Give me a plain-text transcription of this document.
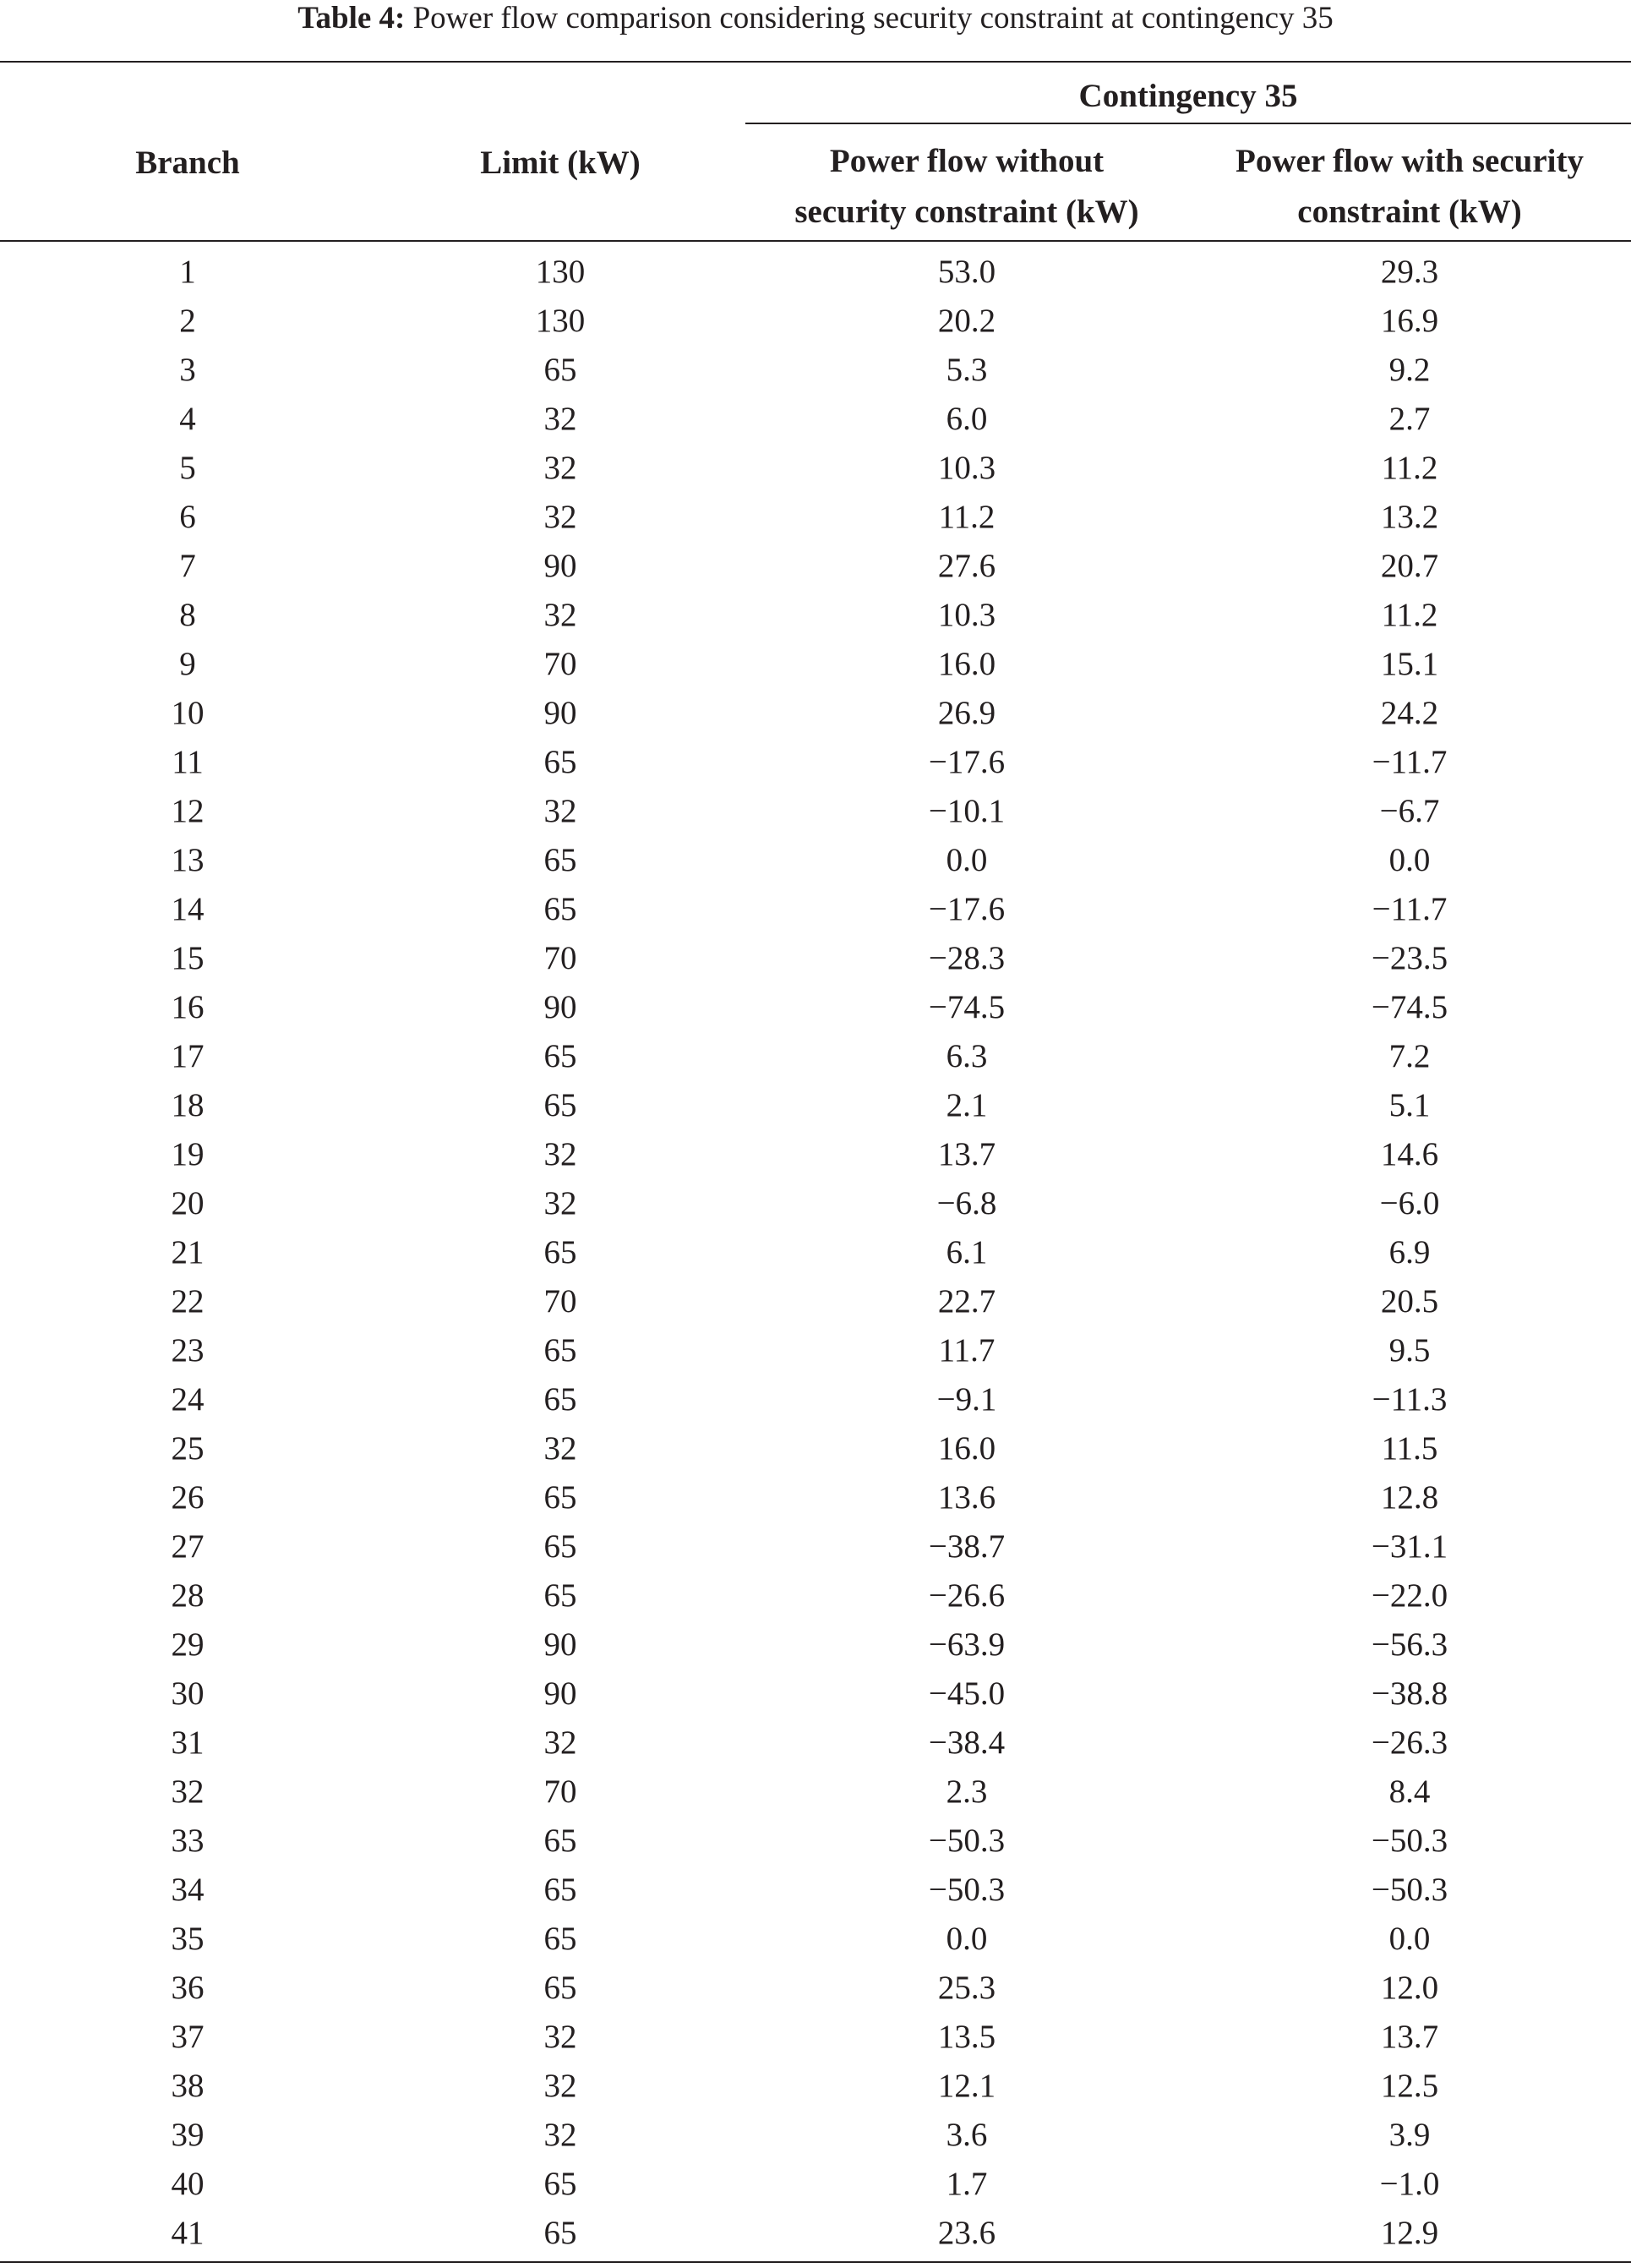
Table 4: Power flow comparison considering security constraint at contingency 35
Contingency 35
Branch	Limit (kW)	Power flow without
security constraint (kW)
Power flow with security
constraint (kW)
1	130	53.0	29.3
2	130	20.2	16.9
3	65	5.3	9.2
4	32	6.0	2.7
5	32	10.3	11.2
6	32	11.2	13.2
7	90	27.6	20.7
8	32	10.3	11.2
9	70	16.0	15.1
10	90	26.9	24.2
11	65	−17.6	−11.7
12	32	−10.1	−6.7
13	65	0.0	0.0
14	65	−17.6	−11.7
15	70	−28.3	−23.5
16	90	−74.5	−74.5
17	65	6.3	7.2
18	65	2.1	5.1
19	32	13.7	14.6
20	32	−6.8	−6.0
21	65	6.1	6.9
22	70	22.7	20.5
23	65	11.7	9.5
24	65	−9.1	−11.3
25	32	16.0	11.5
26	65	13.6	12.8
27	65	−38.7	−31.1
28	65	−26.6	−22.0
29	90	−63.9	−56.3
30	90	−45.0	−38.8
31	32	−38.4	−26.3
32	70	2.3	8.4
33	65	−50.3	−50.3
34	65	−50.3	−50.3
35	65	0.0	0.0
36	65	25.3	12.0
37	32	13.5	13.7
38	32	12.1	12.5
39	32	3.6	3.9
40	65	1.7	−1.0
41	65	23.6	12.9
